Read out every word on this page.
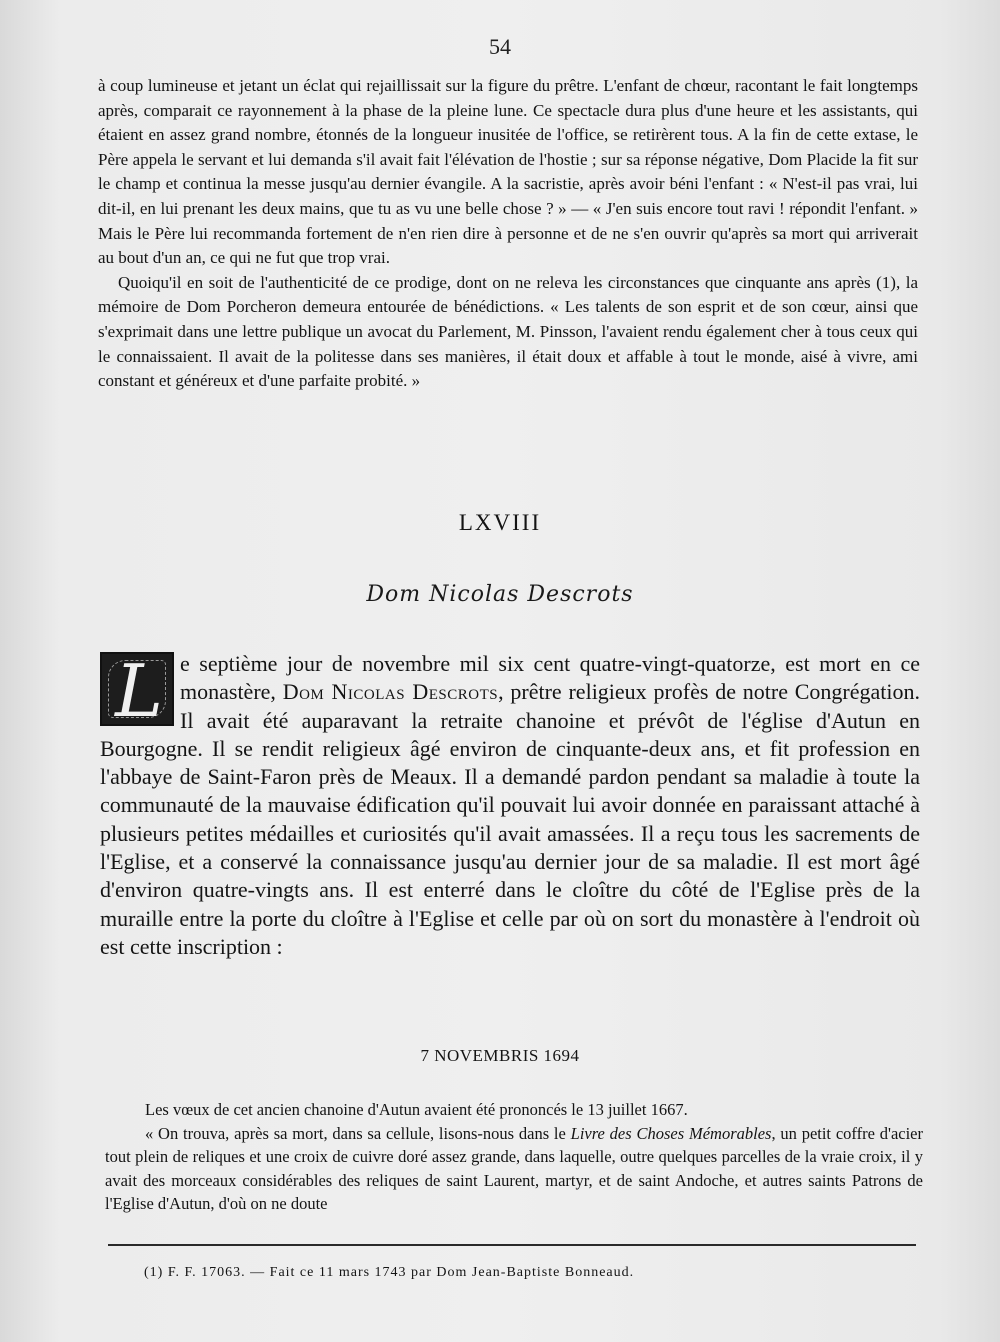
54

à coup lumineuse et jetant un éclat qui rejaillissait sur la figure du prêtre. L'enfant de chœur, racontant le fait longtemps après, comparait ce rayonnement à la phase de la pleine lune. Ce spectacle dura plus d'une heure et les assistants, qui étaient en assez grand nombre, étonnés de la longueur inusitée de l'office, se retirèrent tous. A la fin de cette extase, le Père appela le servant et lui demanda s'il avait fait l'élévation de l'hostie ; sur sa réponse négative, Dom Placide la fit sur le champ et continua la messe jusqu'au dernier évangile. A la sacristie, après avoir béni l'enfant : « N'est-il pas vrai, lui dit-il, en lui prenant les deux mains, que tu as vu une belle chose ? » — « J'en suis encore tout ravi ! répondit l'enfant. » Mais le Père lui recommanda fortement de n'en rien dire à personne et de ne s'en ouvrir qu'après sa mort qui arriverait au bout d'un an, ce qui ne fut que trop vrai.

Quoiqu'il en soit de l'authenticité de ce prodige, dont on ne releva les circonstances que cinquante ans après (1), la mémoire de Dom Porcheron demeura entourée de bénédictions. « Les talents de son esprit et de son cœur, ainsi que s'exprimait dans une lettre publique un avocat du Parlement, M. Pinsson, l'avaient rendu également cher à tous ceux qui le connaissaient. Il avait de la politesse dans ses manières, il était doux et affable à tout le monde, aisé à vivre, ami constant et généreux et d'une parfaite probité. »

LXVIII
Dom Nicolas Descrots
L e septième jour de novembre mil six cent quatre-vingt-quatorze, est mort en ce monastère, Dom Nicolas Descrots, prêtre religieux profès de notre Congrégation. Il avait été auparavant la retraite chanoine et prévôt de l'église d'Autun en Bourgogne. Il se rendit religieux âgé environ de cinquante-deux ans, et fit profession en l'abbaye de Saint-Faron près de Meaux. Il a demandé pardon pendant sa maladie à toute la communauté de la mauvaise édification qu'il pouvait lui avoir donnée en paraissant attaché à plusieurs petites médailles et curiosités qu'il avait amassées. Il a reçu tous les sacrements de l'Eglise, et a conservé la connaissance jusqu'au dernier jour de sa maladie. Il est mort âgé d'environ quatre-vingts ans. Il est enterré dans le cloître du côté de l'Eglise près de la muraille entre la porte du cloître à l'Eglise et celle par où on sort du monastère à l'endroit où est cette inscription :
7 NOVEMBRIS 1694

Les vœux de cet ancien chanoine d'Autun avaient été prononcés le 13 juillet 1667.

« On trouva, après sa mort, dans sa cellule, lisons-nous dans le Livre des Choses Mémorables, un petit coffre d'acier tout plein de reliques et une croix de cuivre doré assez grande, dans laquelle, outre quelques parcelles de la vraie croix, il y avait des morceaux considérables des reliques de saint Laurent, martyr, et de saint Andoche, et autres saints Patrons de l'Eglise d'Autun, d'où on ne doute

(1) F. F. 17063. — Fait ce 11 mars 1743 par Dom Jean-Baptiste Bonneaud.
